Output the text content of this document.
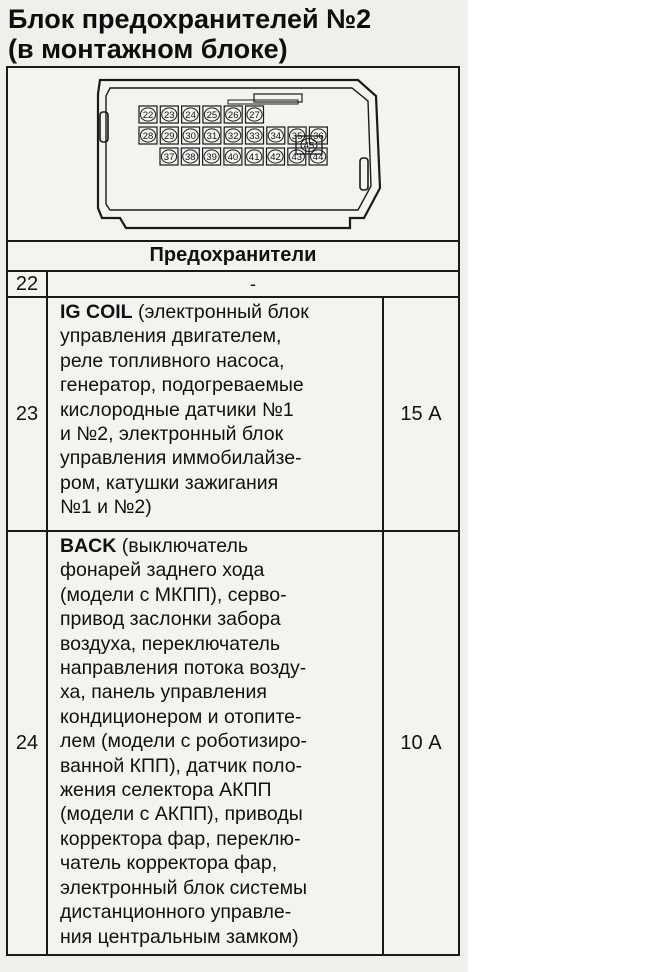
Блок предохранителей №2
(в монтажном блоке)
22 23 24 25 26 27
28 29 30 31 32 33 34 35 36
37 38 39 40 41 42 43 44
45
Предохранители
22	-
23
IG COIL (электронный блок
управления двигателем,
реле топливного насоса,
генератор, подогреваемые
кислородные датчики №1
и №2, электронный блок
управления иммобилайзе-
ром, катушки зажигания
№1 и №2)
15 А
24
BACK (выключатель
фонарей заднего хода
(модели с МКПП), серво-
привод заслонки забора
воздуха, переключатель
направления потока возду-
ха, панель управления
кондиционером и отопите-
лем (модели с роботизиро-
ванной КПП), датчик поло-
жения селектора АКПП
(модели с АКПП), приводы
корректора фар, переклю-
чатель корректора фар,
электронный блок системы
дистанционного управле-
ния центральным замком)
10 А
